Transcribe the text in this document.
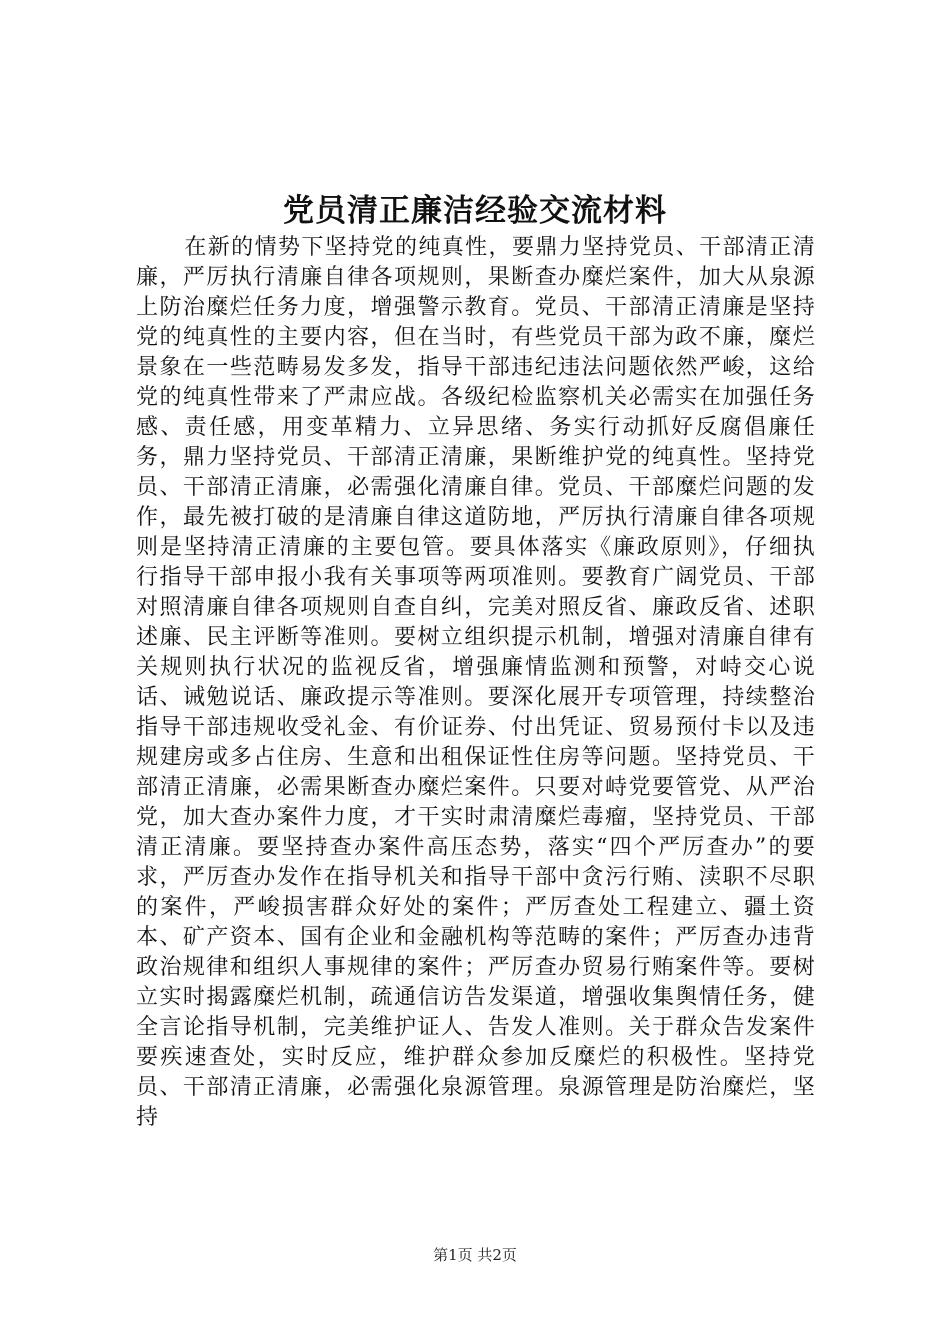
党员清正廉洁经验交流材料

在新的情势下坚持党的纯真性，要鼎力坚持党员、干部清正清廉，严厉执行清廉自律各项规则，果断查办糜烂案件，加大从泉源上防治糜烂任务力度，增强警示教育。党员、干部清正清廉是坚持党的纯真性的主要内容，但在当时，有些党员干部为政不廉，糜烂景象在一些范畴易发多发，指导干部违纪违法问题依然严峻，这给党的纯真性带来了严肃应战。各级纪检监察机关必需实在加强任务感、责任感，用变革精力、立异思绪、务实行动抓好反腐倡廉任务，鼎力坚持党员、干部清正清廉，果断维护党的纯真性。坚持党员、干部清正清廉，必需强化清廉自律。党员、干部糜烂问题的发作，最先被打破的是清廉自律这道防地，严厉执行清廉自律各项规则是坚持清正清廉的主要包管。要具体落实《廉政原则》，仔细执行指导干部申报小我有关事项等两项准则。要教育广阔党员、干部对照清廉自律各项规则自查自纠，完美对照反省、廉政反省、述职述廉、民主评断等准则。要树立组织提示机制，增强对清廉自律有关规则执行状况的监视反省，增强廉情监测和预警，对峙交心说话、诫勉说话、廉政提示等准则。要深化展开专项管理，持续整治指导干部违规收受礼金、有价证券、付出凭证、贸易预付卡以及违规建房或多占住房、生意和出租保证性住房等问题。坚持党员、干部清正清廉，必需果断查办糜烂案件。只要对峙党要管党、从严治党，加大查办案件力度，才干实时肃清糜烂毒瘤，坚持党员、干部清正清廉。要坚持查办案件高压态势，落实“四个严厉查办”的要求，严厉查办发作在指导机关和指导干部中贪污行贿、渎职不尽职的案件，严峻损害群众好处的案件；严厉查处工程建立、疆土资本、矿产资本、国有企业和金融机构等范畴的案件；严厉查办违背政治规律和组织人事规律的案件；严厉查办贸易行贿案件等。要树立实时揭露糜烂机制，疏通信访告发渠道，增强收集舆情任务，健全言论指导机制，完美维护证人、告发人准则。关于群众告发案件要疾速查处，实时反应，维护群众参加反糜烂的积极性。坚持党员、干部清正清廉，必需强化泉源管理。泉源管理是防治糜烂，坚持

第1页 共2页
